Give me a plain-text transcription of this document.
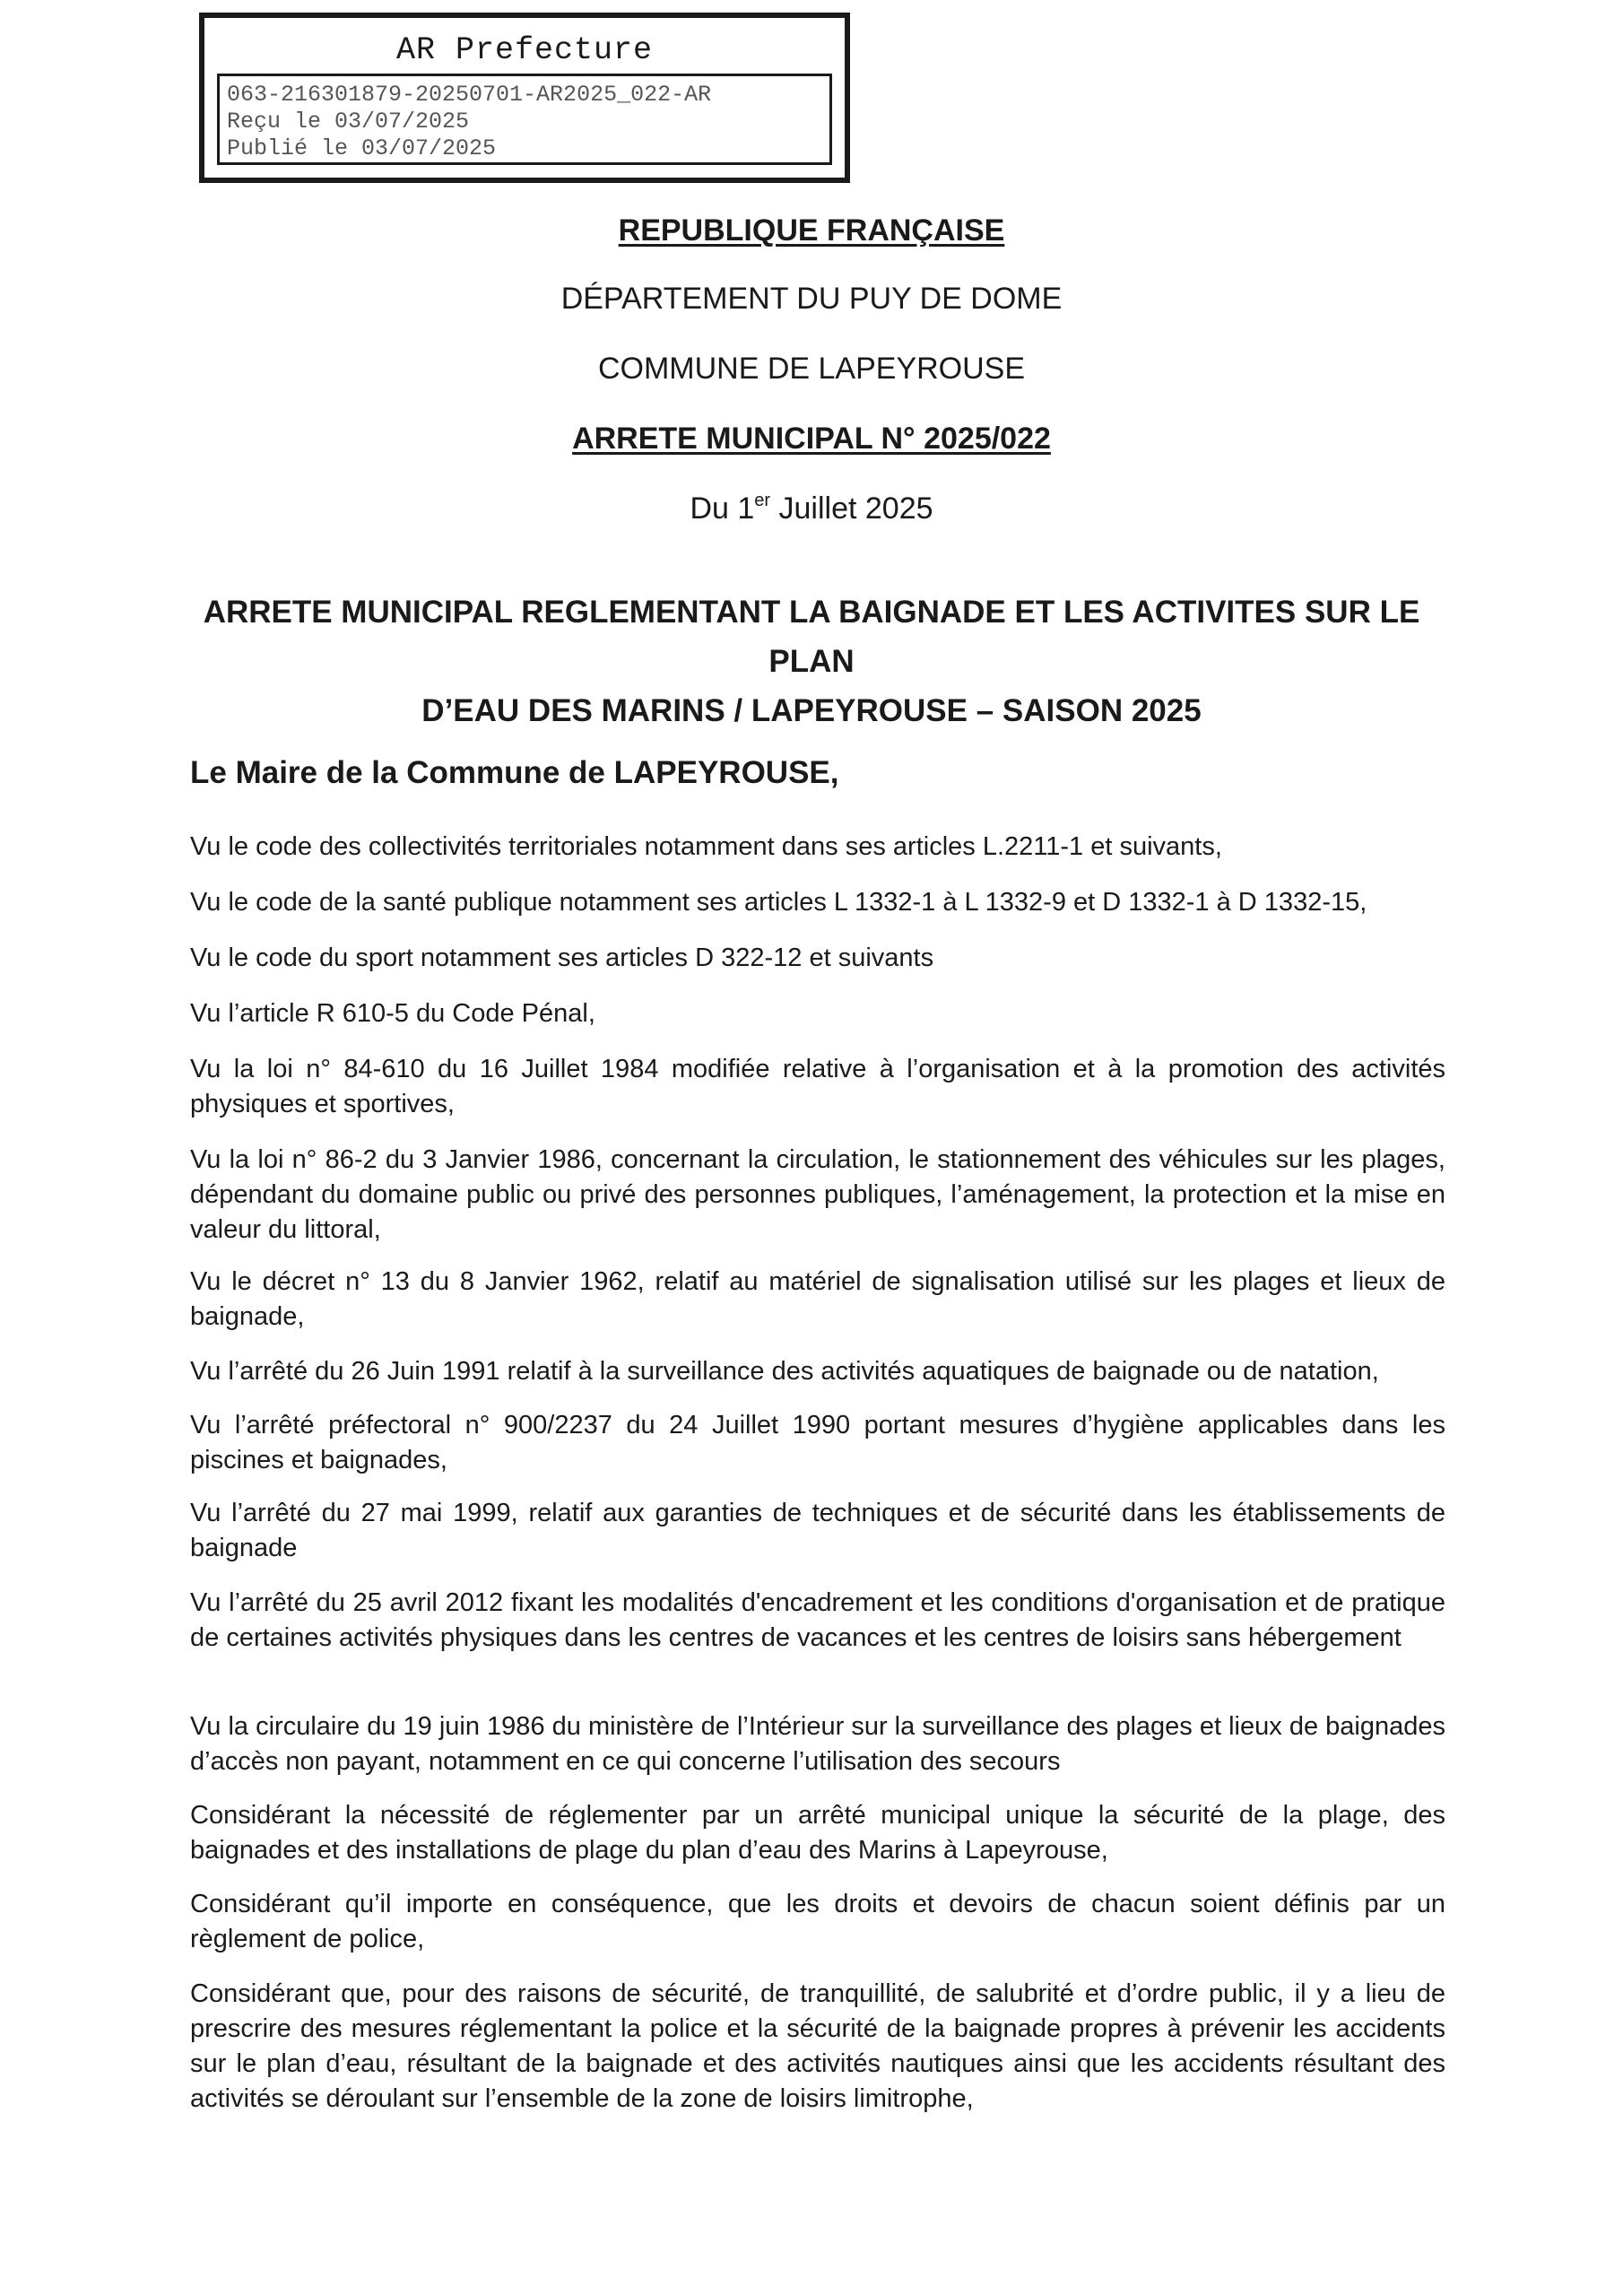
AR Prefecture
063-216301879-20250701-AR2025_022-AR
Reçu le 03/07/2025
Publié le 03/07/2025
REPUBLIQUE FRANÇAISE
DÉPARTEMENT DU PUY DE DOME
COMMUNE DE LAPEYROUSE
ARRETE MUNICIPAL N° 2025/022
Du 1er Juillet 2025
ARRETE MUNICIPAL REGLEMENTANT LA BAIGNADE ET LES ACTIVITES SUR LE PLAN
D’EAU DES MARINS / LAPEYROUSE – SAISON 2025
Le Maire de la Commune de LAPEYROUSE,
Vu le code des collectivités territoriales notamment dans ses articles L.2211-1 et suivants,
Vu le code de la santé publique notamment ses articles L 1332-1 à L 1332-9 et D 1332-1 à D 1332-15,
Vu le code du sport notamment ses articles D 322-12 et suivants
Vu l’article R 610-5 du Code Pénal,
Vu la loi n° 84-610 du 16 Juillet 1984 modifiée relative à l’organisation et à la promotion des activités physiques et sportives,
Vu la loi n° 86-2 du 3 Janvier 1986, concernant la circulation, le stationnement des véhicules sur les plages, dépendant du domaine public ou privé des personnes publiques, l’aménagement, la protection et la mise en valeur du littoral,
Vu le décret n° 13 du 8 Janvier 1962, relatif au matériel de signalisation utilisé sur les plages et lieux de baignade,
Vu l’arrêté du 26 Juin 1991 relatif à la surveillance des activités aquatiques de baignade ou de natation,
Vu l’arrêté préfectoral n° 900/2237 du 24 Juillet 1990 portant mesures d’hygiène applicables dans les piscines et baignades,
Vu l’arrêté du 27 mai 1999, relatif aux garanties de techniques et de sécurité dans les établissements de baignade
Vu l’arrêté du 25 avril 2012 fixant les modalités d'encadrement et les conditions d'organisation et de pratique de certaines activités physiques dans les centres de vacances et les centres de loisirs sans hébergement
Vu la circulaire du 19 juin 1986 du ministère de l’Intérieur sur la surveillance des plages et lieux de baignades d’accès non payant, notamment en ce qui concerne l’utilisation des secours
Considérant la nécessité de réglementer par un arrêté municipal unique la sécurité de la plage, des baignades et des installations de plage du plan d’eau des Marins à Lapeyrouse,
Considérant qu’il importe en conséquence, que les droits et devoirs de chacun soient définis par un règlement de police,
Considérant que, pour des raisons de sécurité, de tranquillité, de salubrité et d’ordre public, il y a lieu de prescrire des mesures réglementant la police et la sécurité de la baignade propres à prévenir les accidents sur le plan d’eau, résultant de la baignade et des activités nautiques ainsi que les accidents résultant des activités se déroulant sur l’ensemble de la zone de loisirs limitrophe,
